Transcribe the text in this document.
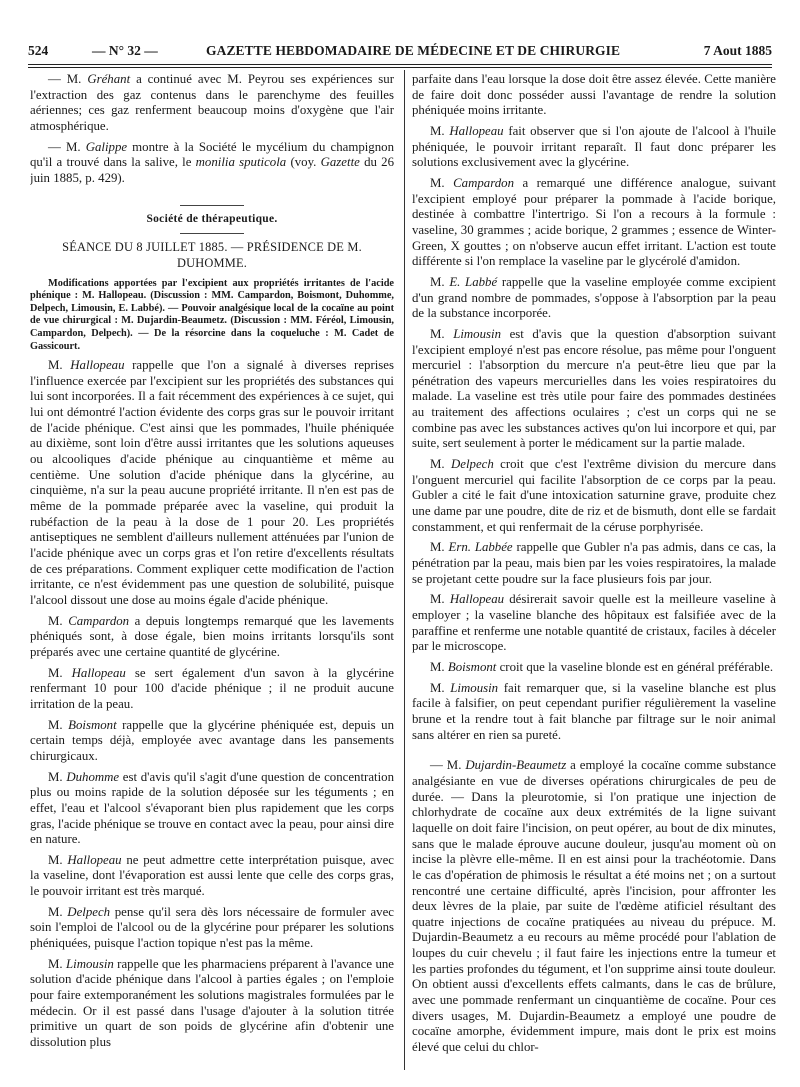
524	— N° 32 —	GAZETTE HEBDOMADAIRE DE MÉDECINE ET DE CHIRURGIE	7 Aout 1885

— M. Gréhant a continué avec M. Peyrou ses expériences sur l'extraction des gaz contenus dans le parenchyme des feuilles aériennes; ces gaz renferment beaucoup moins d'oxygène que l'air atmosphérique.

— M. Galippe montre à la Société le mycélium du champignon qu'il a trouvé dans la salive, le monilia sputicola (voy. Gazette du 26 juin 1885, p. 429).

Société de thérapeutique.
SÉANCE DU 8 JUILLET 1885. — PRÉSIDENCE DE M. DUHOMME.

Modifications apportées par l'excipient aux propriétés irritantes de l'acide phénique : M. Hallopeau. (Discussion : MM. Campardon, Boismont, Duhomme, Delpech, Limousin, E. Labbé). — Pouvoir analgésique local de la cocaïne au point de vue chirurgical : M. Dujardin-Beaumetz. (Discussion : MM. Féréol, Limousin, Campardon, Delpech). — De la résorcine dans la coqueluche : M. Cadet de Gassicourt.

M. Hallopeau rappelle que l'on a signalé à diverses reprises l'influence exercée par l'excipient sur les propriétés des substances qui lui sont incorporées. Il a fait récemment des expériences à ce sujet, qui lui ont démontré l'action évidente des corps gras sur le pouvoir irritant de l'acide phénique. C'est ainsi que les pommades, l'huile phéniquée au dixième, sont loin d'être aussi irritantes que les solutions aqueuses ou alcooliques d'acide phénique au cinquantième et même au centième. Une solution d'acide phénique dans la glycérine, au cinquième, n'a sur la peau aucune propriété irritante. Il n'en est pas de même de la pommade préparée avec la vaseline, qui produit la rubéfaction de la peau à la dose de 1 pour 20. Les propriétés antiseptiques ne semblent d'ailleurs nullement atténuées par l'union de l'acide phénique avec un corps gras et l'on retire d'excellents résultats de ces préparations. Comment expliquer cette modification de l'action irritante, ce n'est évidemment pas une question de solubilité, puisque l'alcool dissout une dose au moins égale d'acide phénique.

M. Campardon a depuis longtemps remarqué que les lavements phéniqués sont, à dose égale, bien moins irritants lorsqu'ils sont préparés avec une certaine quantité de glycérine.

M. Hallopeau se sert également d'un savon à la glycérine renfermant 10 pour 100 d'acide phénique ; il ne produit aucune irritation de la peau.

M. Boismont rappelle que la glycérine phéniquée est, depuis un certain temps déjà, employée avec avantage dans les pansements chirurgicaux.

M. Duhomme est d'avis qu'il s'agit d'une question de concentration plus ou moins rapide de la solution déposée sur les téguments ; en effet, l'eau et l'alcool s'évaporant bien plus rapidement que les corps gras, l'acide phénique se trouve en contact avec la peau, pour ainsi dire en nature.

M. Hallopeau ne peut admettre cette interprétation puisque, avec la vaseline, dont l'évaporation est aussi lente que celle des corps gras, le pouvoir irritant est très marqué.

M. Delpech pense qu'il sera dès lors nécessaire de formuler avec soin l'emploi de l'alcool ou de la glycérine pour préparer les solutions phéniquées, puisque l'action topique n'est pas la même.

M. Limousin rappelle que les pharmaciens préparent à l'avance une solution d'acide phénique dans l'alcool à parties égales ; on l'emploie pour faire extemporanément les solutions magistrales formulées par le médecin. Or il est passé dans l'usage d'ajouter à la solution titrée primitive un quart de son poids de glycérine afin d'obtenir une dissolution plus

parfaite dans l'eau lorsque la dose doit être assez élevée. Cette manière de faire doit donc posséder aussi l'avantage de rendre la solution phéniquée moins irritante.

M. Hallopeau fait observer que si l'on ajoute de l'alcool à l'huile phéniquée, le pouvoir irritant reparaît. Il faut donc préparer les solutions exclusivement avec la glycérine.

M. Campardon a remarqué une différence analogue, suivant l'excipient employé pour préparer la pommade à l'acide borique, destinée à combattre l'intertrigo. Si l'on a recours à la formule : vaseline, 30 grammes ; acide borique, 2 grammes ; essence de Winter-Green, X gouttes ; on n'observe aucun effet irritant. L'action est toute différente si l'on remplace la vaseline par le glycérolé d'amidon.

M. E. Labbé rappelle que la vaseline employée comme excipient d'un grand nombre de pommades, s'oppose à l'absorption par la peau de la substance incorporée.

M. Limousin est d'avis que la question d'absorption suivant l'excipient employé n'est pas encore résolue, pas même pour l'onguent mercuriel : l'absorption du mercure n'a peut-être lieu que par la pénétration des vapeurs mercurielles dans les voies respiratoires du malade. La vaseline est très utile pour faire des pommades destinées au traitement des affections oculaires ; c'est un corps qui ne se combine pas avec les substances actives qu'on lui incorpore et qui, par suite, sert seulement à porter le médicament sur la partie malade.

M. Delpech croit que c'est l'extrême division du mercure dans l'onguent mercuriel qui facilite l'absorption de ce corps par la peau. Gubler a cité le fait d'une intoxication saturnine grave, produite chez une dame par une poudre, dite de riz et de bismuth, dont elle se fardait constamment, et qui renfermait de la céruse porphyrisée.

M. Ern. Labbée rappelle que Gubler n'a pas admis, dans ce cas, la pénétration par la peau, mais bien par les voies respiratoires, la malade se projetant cette poudre sur la face plusieurs fois par jour.

M. Hallopeau désirerait savoir quelle est la meilleure vaseline à employer ; la vaseline blanche des hôpitaux est falsifiée avec de la paraffine et renferme une notable quantité de cristaux, faciles à déceler par le microscope.

M. Boismont croit que la vaseline blonde est en général préférable.

M. Limousin fait remarquer que, si la vaseline blanche est plus facile à falsifier, on peut cependant purifier régulièrement la vaseline brune et la rendre tout à fait blanche par filtrage sur le noir animal sans altérer en rien sa pureté.

— M. Dujardin-Beaumetz a employé la cocaïne comme substance analgésiante en vue de diverses opérations chirurgicales de peu de durée. — Dans la pleurotomie, si l'on pratique une injection de chlorhydrate de cocaïne aux deux extrémités de la ligne suivant laquelle on doit faire l'incision, on peut opérer, au bout de dix minutes, sans que le malade éprouve aucune douleur, jusqu'au moment où on incise la plèvre elle-même. Il en est ainsi pour la trachéotomie. Dans le cas d'opération de phimosis le résultat a été moins net ; on a surtout rencontré une certaine difficulté, après l'incision, pour affronter les deux lèvres de la plaie, par suite de l'œdème atificiel résultant des quatre injections de cocaïne pratiquées au niveau du prépuce. M. Dujardin-Beaumetz a eu recours au même procédé pour l'ablation de loupes du cuir chevelu ; il faut faire les injections entre la tumeur et les parties profondes du tégument, et l'on supprime ainsi toute douleur. On obtient aussi d'excellents effets calmants, dans le cas de brûlure, avec une pommade renfermant un cinquantième de cocaïne. Pour ces divers usages, M. Dujardin-Beaumetz a employé une poudre de cocaïne amorphe, évidemment impure, mais dont le prix est moins élevé que celui du chlor-
